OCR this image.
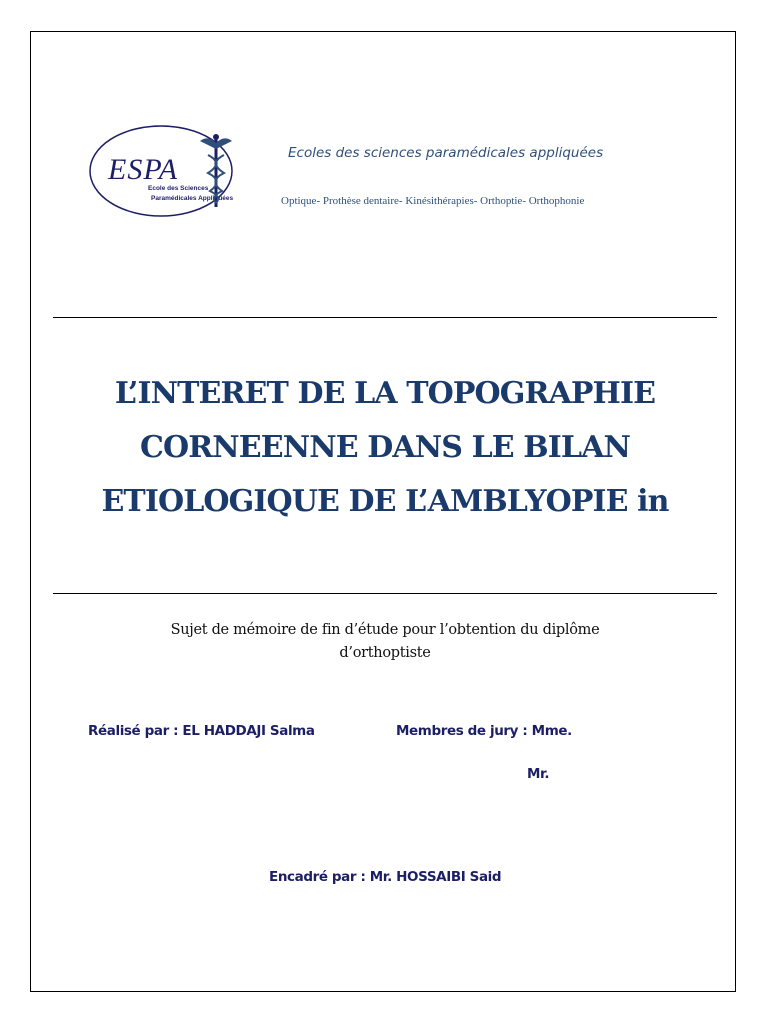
ESPA
Ecole des Sciences
Paramédicales Appliquées
Ecoles des sciences paramédicales appliquées
Optique- Prothèse dentaire- Kinésithérapies- Orthoptie- Orthophonie
L’INTERET DE LA TOPOGRAPHIE
CORNEENNE DANS LE BILAN
ETIOLOGIQUE DE L’AMBLYOPIE in
Sujet de mémoire de fin d’étude pour l’obtention du diplôme
d’orthoptiste
Réalisé par : EL HADDAJI Salma	Membres de jury : Mme.
Mr.
Encadré par : Mr. HOSSAIBI Said
